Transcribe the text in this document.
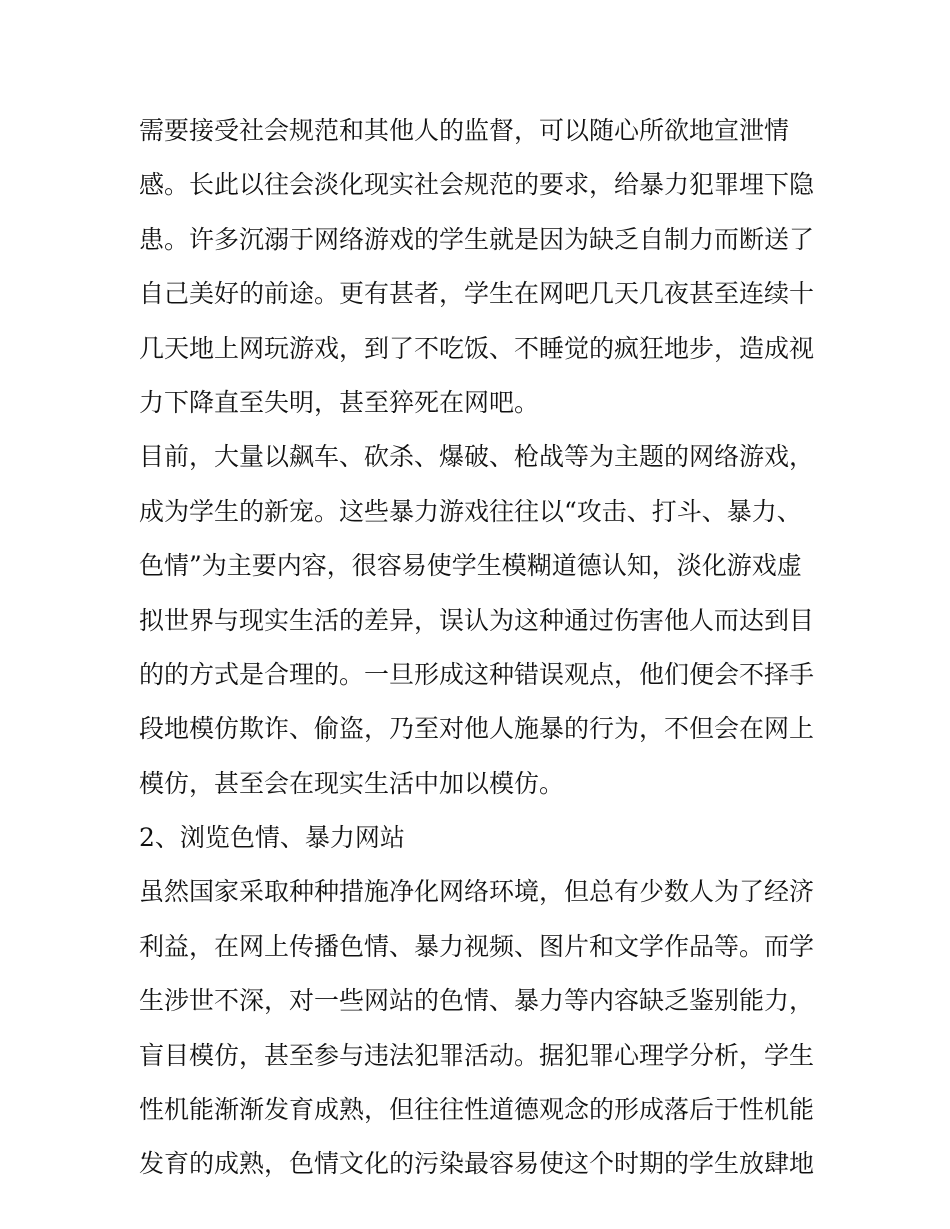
需要接受社会规范和其他人的监督，可以随心所欲地宣泄情
感。长此以往会淡化现实社会规范的要求，给暴力犯罪埋下隐
患。许多沉溺于网络游戏的学生就是因为缺乏自制力而断送了
自己美好的前途。更有甚者，学生在网吧几天几夜甚至连续十
几天地上网玩游戏，到了不吃饭、不睡觉的疯狂地步，造成视
力下降直至失明，甚至猝死在网吧。
目前，大量以飙车、砍杀、爆破、枪战等为主题的网络游戏，
成为学生的新宠。这些暴力游戏往往以“攻击、打斗、暴力、
色情”为主要内容，很容易使学生模糊道德认知，淡化游戏虚
拟世界与现实生活的差异，误认为这种通过伤害他人而达到目
的的方式是合理的。一旦形成这种错误观点，他们便会不择手
段地模仿欺诈、偷盗，乃至对他人施暴的行为，不但会在网上
模仿，甚至会在现实生活中加以模仿。
2、浏览色情、暴力网站
虽然国家采取种种措施净化网络环境，但总有少数人为了经济
利益，在网上传播色情、暴力视频、图片和文学作品等。而学
生涉世不深，对一些网站的色情、暴力等内容缺乏鉴别能力，
盲目模仿，甚至参与违法犯罪活动。据犯罪心理学分析，学生
性机能渐渐发育成熟，但往往性道德观念的形成落后于性机能
发育的成熟，色情文化的污染最容易使这个时期的学生放肆地
